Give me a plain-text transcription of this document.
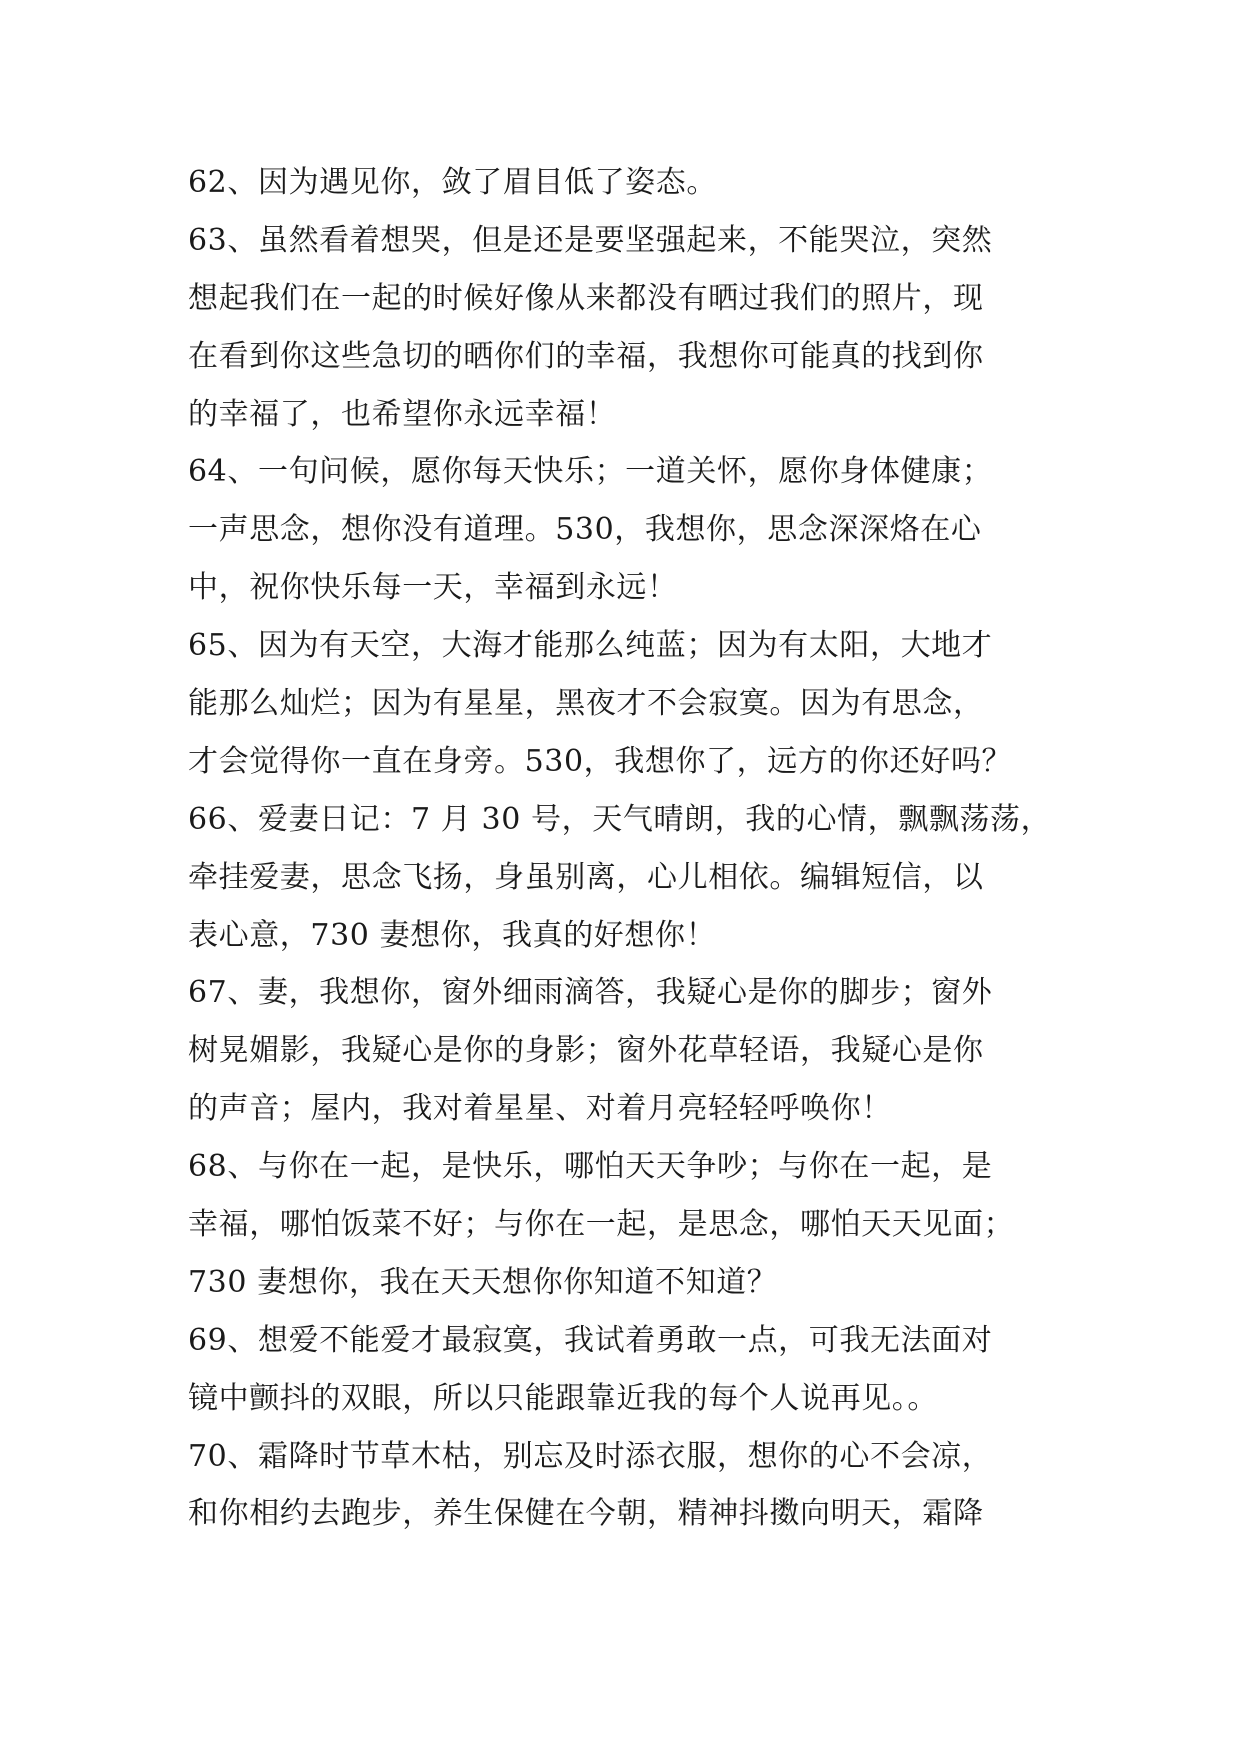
62、因为遇见你，敛了眉目低了姿态。
63、虽然看着想哭，但是还是要坚强起来，不能哭泣，突然
想起我们在一起的时候好像从来都没有晒过我们的照片，现
在看到你这些急切的晒你们的幸福，我想你可能真的找到你
的幸福了，也希望你永远幸福！
64、一句问候，愿你每天快乐；一道关怀，愿你身体健康；
一声思念，想你没有道理。530，我想你，思念深深烙在心
中，祝你快乐每一天，幸福到永远！
65、因为有天空，大海才能那么纯蓝；因为有太阳，大地才
能那么灿烂；因为有星星，黑夜才不会寂寞。因为有思念，
才会觉得你一直在身旁。530，我想你了，远方的你还好吗？
66、爱妻日记：7 月 30 号，天气晴朗，我的心情，飘飘荡荡，
牵挂爱妻，思念飞扬，身虽别离，心儿相依。编辑短信，以
表心意，730 妻想你，我真的好想你！
67、妻，我想你，窗外细雨滴答，我疑心是你的脚步；窗外
树晃媚影，我疑心是你的身影；窗外花草轻语，我疑心是你
的声音；屋内，我对着星星、对着月亮轻轻呼唤你！
68、与你在一起，是快乐，哪怕天天争吵；与你在一起，是
幸福，哪怕饭菜不好；与你在一起，是思念，哪怕天天见面；
730 妻想你，我在天天想你你知道不知道？
69、想爱不能爱才最寂寞，我试着勇敢一点，可我无法面对
镜中颤抖的双眼，所以只能跟靠近我的每个人说再见。。
70、霜降时节草木枯，别忘及时添衣服，想你的心不会凉，
和你相约去跑步，养生保健在今朝，精神抖擞向明天，霜降
